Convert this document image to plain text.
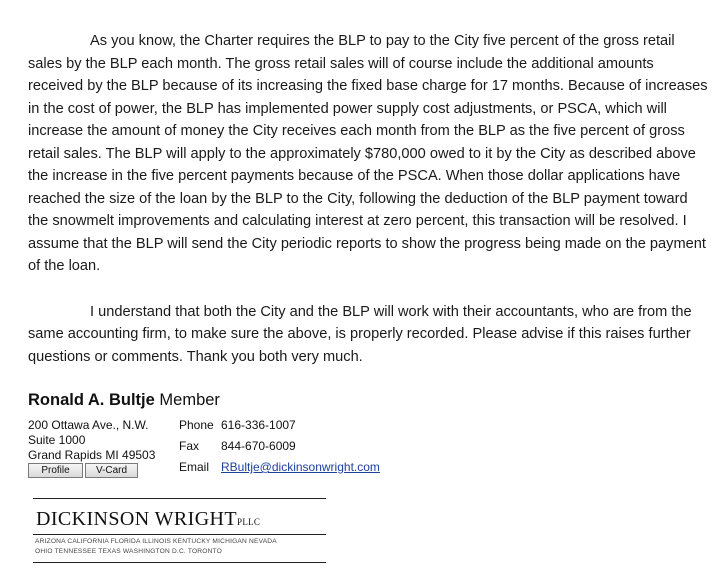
As you know, the Charter requires the BLP to pay to the City five percent of the gross retail sales by the BLP each month. The gross retail sales will of course include the additional amounts received by the BLP because of its increasing the fixed base charge for 17 months. Because of increases in the cost of power, the BLP has implemented power supply cost adjustments, or PSCA, which will increase the amount of money the City receives each month from the BLP as the five percent of gross retail sales. The BLP will apply to the approximately $780,000 owed to it by the City as described above the increase in the five percent payments because of the PSCA. When those dollar applications have reached the size of the loan by the BLP to the City, following the deduction of the BLP payment toward the snowmelt improvements and calculating interest at zero percent, this transaction will be resolved. I assume that the BLP will send the City periodic reports to show the progress being made on the payment of the loan.

I understand that both the City and the BLP will work with their accountants, who are from the same accounting firm, to make sure the above, is properly recorded. Please advise if this raises further questions or comments. Thank you both very much.

Ronald A. Bultje Member
200 Ottawa Ave., N.W.
Suite 1000
Grand Rapids MI 49503
Phone 616-336-1007
Fax 844-670-6009
Email RBultje@dickinsonwright.com
Profile	V-Card
DICKINSON WRIGHTPLLC
ARIZONA CALIFORNIA FLORIDA ILLINOIS KENTUCKY MICHIGAN NEVADA
OHIO TENNESSEE TEXAS WASHINGTON D.C. TORONTO
